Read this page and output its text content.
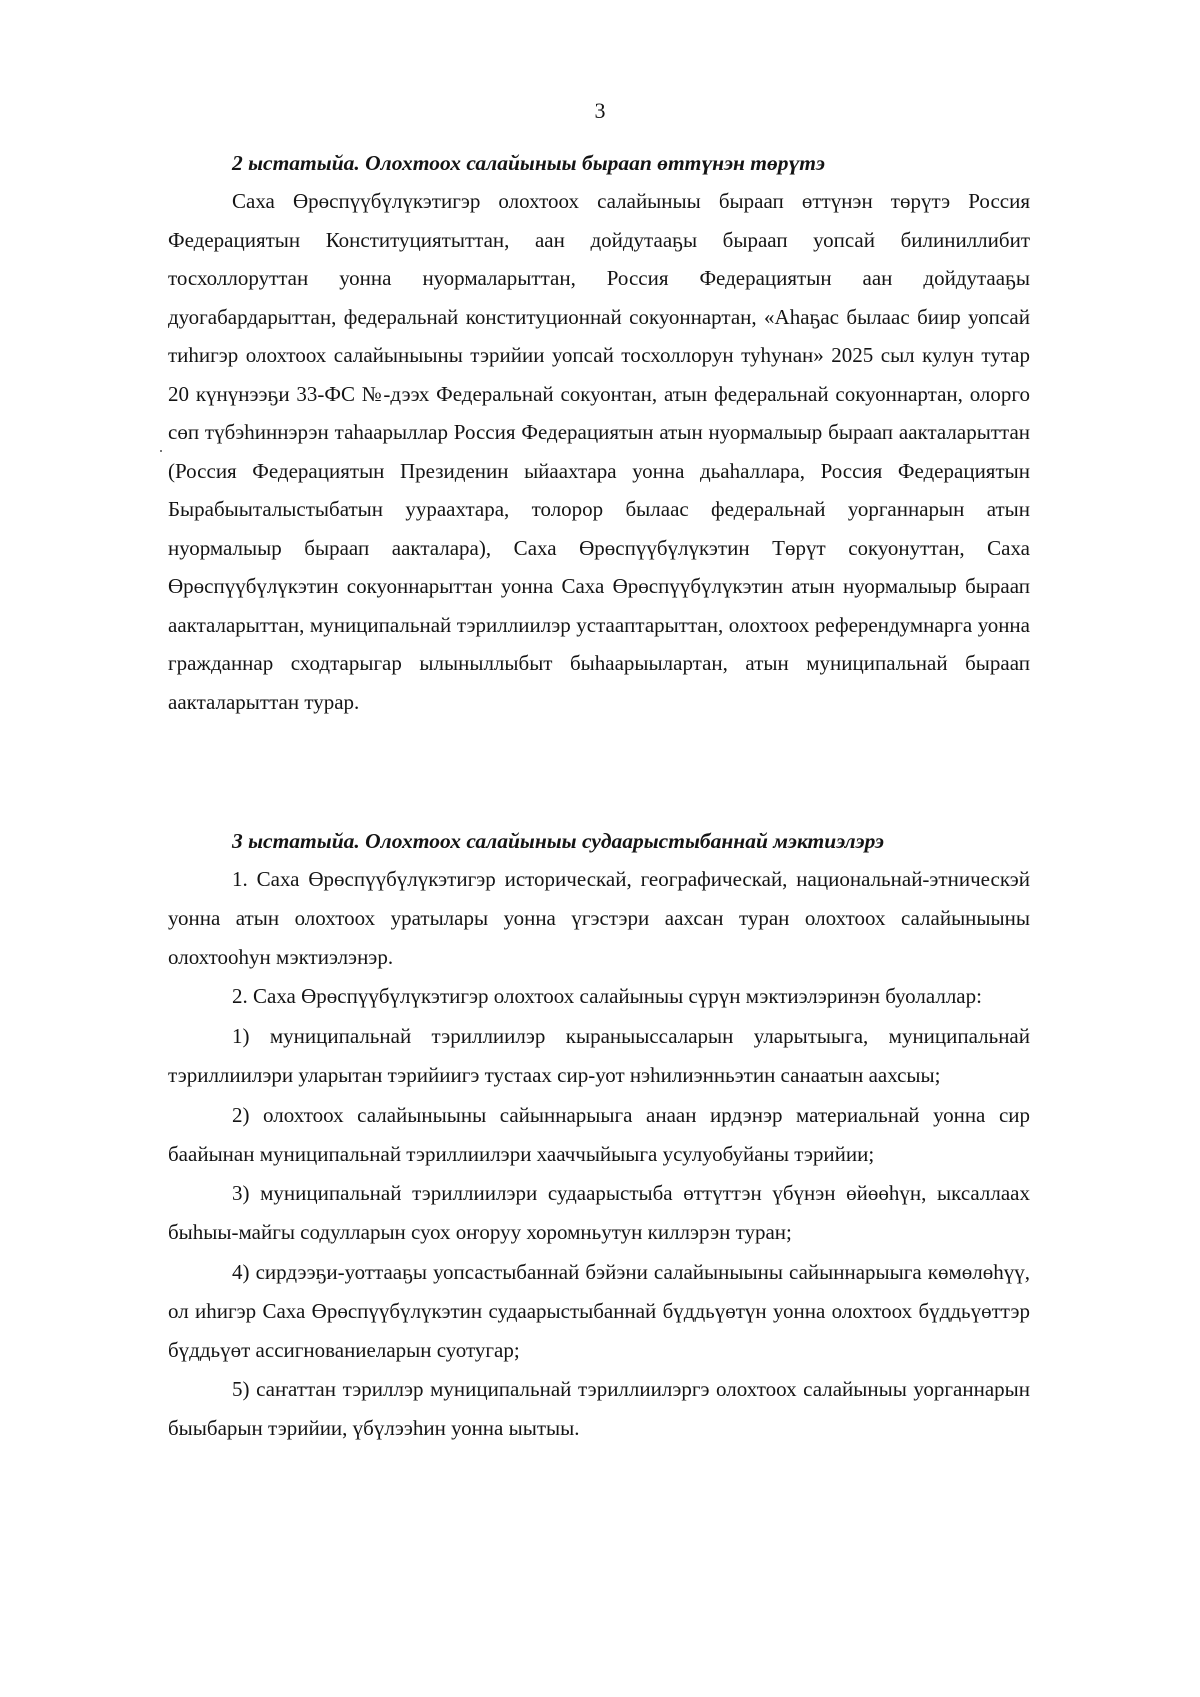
3
2 ыстатыйа. Олохтоох салайыныы быраап өттүнэн төрүтэ

Саха Өрөспүүбүлүкэтигэр олохтоох салайыныы быраап өттүнэн төрүтэ Россия Федерациятын Конституциятыттан, аан дойдутааҕы быраап уопсай билиниллибит тосхоллоруттан уонна нуормаларыттан, Россия Федерациятын аан дойдутааҕы дуогабардарыттан, федеральнай конституционнай сокуоннартан, «Аһаҕас былаас биир уопсай тиһигэр олохтоох салайыныыны тэрийии уопсай тосхоллорун туһунан» 2025 сыл кулун тутар 20 күнүнээҕи 33-ФС №-дээх Федеральнай сокуонтан, атын федеральнай сокуоннартан, олорго сөп түбэһиннэрэн таһаарыллар Россия Федерациятын атын нуормалыыр быраап аакталарыттан (Россия Федерациятын Президенин ыйаахтара уонна дьаһаллара, Россия Федерациятын Бырабыыталыстыбатын уураахтара, толорор былаас федеральнай уорганнарын атын нуормалыыр быраап аакталара), Саха Өрөспүүбүлүкэтин Төрүт сокуонуттан, Саха Өрөспүүбүлүкэтин сокуоннарыттан уонна Саха Өрөспүүбүлүкэтин атын нуормалыыр быраап аакталарыттан, муниципальнай тэриллиилэр устаaптарыттан, олохтоох референдумнарга уонна гражданнар сходтарыгар ылыныллыбыт быһаарыылартан, атын муниципальнай быраап аакталарыттан турар.

3 ыстатыйа. Олохтоох салайыныы судаарыстыбаннай мэктиэлэрэ

1. Саха Өрөспүүбүлүкэтигэр историческай, географическай, национальнай-этническэй уонна атын олохтоох уратылары уонна үгэстэри аахсан туран олохтоох салайыныыны олохтооһун мэктиэлэнэр.

2. Саха Өрөспүүбүлүкэтигэр олохтоох салайыныы сүрүн мэктиэлэринэн буолаллар:

1) муниципальнай тэриллиилэр кыраныыссаларын уларытыыга, муниципальнай тэриллиилэри уларытан тэрийиигэ тустаах сир-уот нэһилиэнньэтин санаатын аахсыы;

2) олохтоох салайыныыны сайыннарыыга анаан ирдэнэр материальнай уонна сир баайынан муниципальнай тэриллиилэри хааччыйыыга усулуобуйаны тэрийии;

3) муниципальнай тэриллиилэри судаарыстыба өттүттэн үбүнэн өйөөһүн, ыксаллаах быһыы-майгы содулларын суох оҥоруу хоромньутун киллэрэн туран;

4) сирдээҕи-уоттааҕы уопсастыбаннай бэйэни салайыныыны сайыннарыыга көмөлөһүү, ол иһигэр Саха Өрөспүүбүлүкэтин судаарыстыбаннай бүддьүөтүн уонна олохтоох бүддьүөттэр бүддьүөт ассигнованиеларын суотугар;

5) саҥаттан тэриллэр муниципальнай тэриллиилэргэ олохтоох салайыныы уорганнарын быыбарын тэрийии, үбүлээһин уонна ыытыы.
